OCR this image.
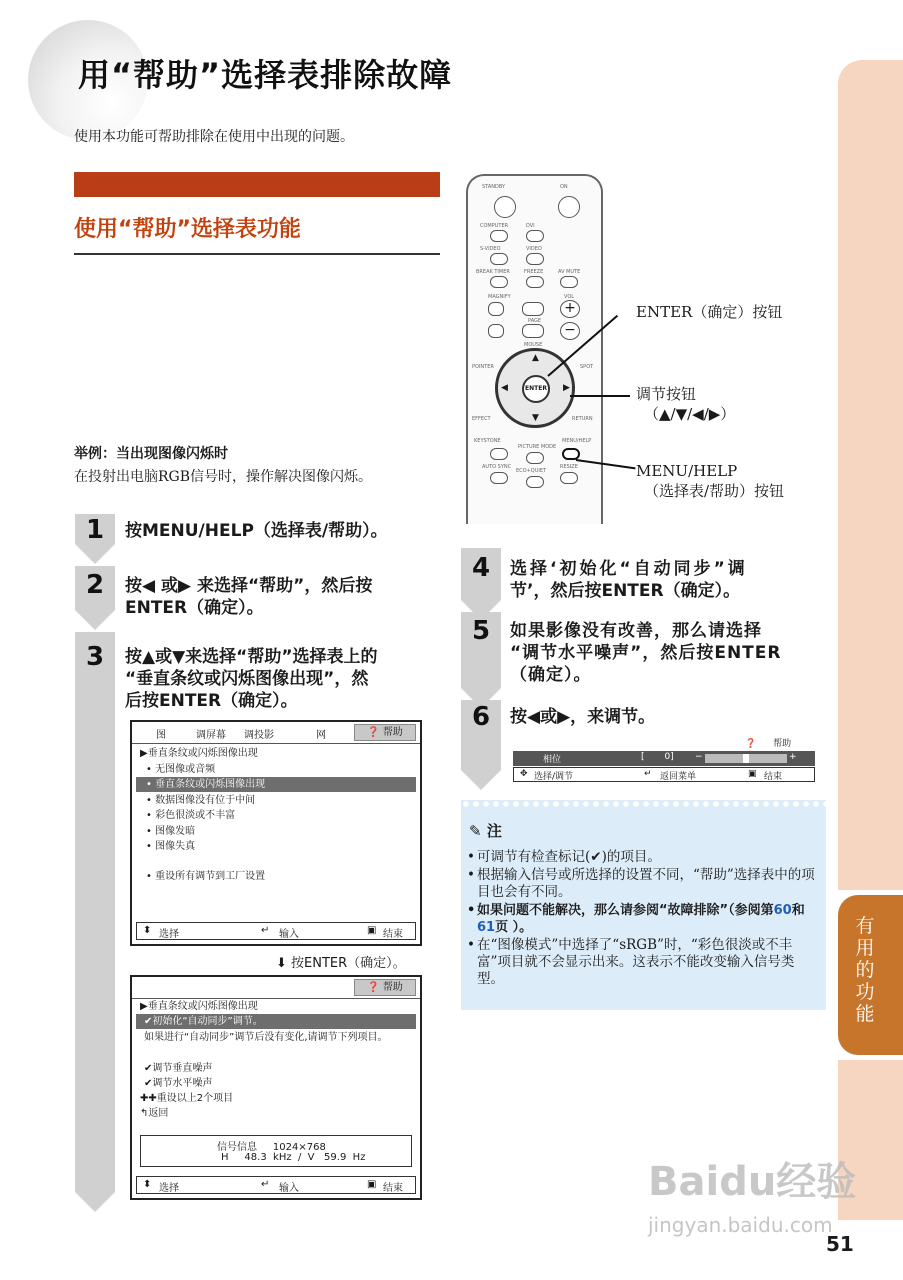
有用的功能
用“帮助”选择表排除故障

使用本功能可帮助排除在使用中出现的问题。

使用“帮助”选择表功能
举例：当出现图像闪烁时
在投射出电脑RGB信号时，操作解决图像闪烁。
STANDBY	ON
COMPUTER	DVI
S-VIDEO	VIDEO
BREAK TIMER	FREEZE	AV MUTE
MAGNIFY
PAGE
VOL
+
−
MOUSE
POINTER	SPOT
▲
▼
◀	▶
ENTER
EFFECT	RETURN
KEYSTONE
PICTURE MODE
MENU/HELP
AUTO SYNC
ECO+QUIET
RESIZE
ENTER（确定）按钮
调节按钮
（▲/▼/◀/▶）
MENU/HELP
（选择表/帮助）按钮
1 按MENU/HELP（选择表/帮助）。
2 按◀ 或▶ 来选择“帮助”，然后按
ENTER（确定）。
3 按▲或▼来选择“帮助”选择表上的
“垂直条纹或闪烁图像出现”，然
后按ENTER（确定）。
图	调屏幕 调投影	网	❓ 帮助
▶垂直条纹或闪烁图像出现
• 无图像或音频
• 垂直条纹或闪烁图像出现
• 数据图像没有位于中间
• 彩色很淡或不丰富
• 图像发暗
• 图像失真
• 重设所有调节到工厂设置
⬍ 选择	↵ 输入	▣ 结束
⬇ 按ENTER（确定）。
❓ 帮助
▶垂直条纹或闪烁图像出现
✔初始化“自动同步”调节。
如果进行“自动同步”调节后没有变化,请调节下列项目。
✔调节垂直噪声
✔调节水平噪声
✚✚重设以上2个项目
↰返回
信号信息     1024×768
H     48.3  kHz  /  V   59.9  Hz
⬍ 选择	↵ 输入	▣ 结束
4 选择‘初始化“自动同步”调
节’，然后按ENTER（确定）。
5 如果影像没有改善，那么请选择
“调节水平噪声”，然后按ENTER
（确定）。
6 按◀或▶，来调节。
❓ 帮助
相位	[       0] −	+
✥ 选择/调节	↵ 返回菜单	▣ 结束
✎ 注
• 可调节有检查标记(✔)的项目。
• 根据输入信号或所选择的设置不同，“帮助”选择表中的项目也会有不同。
• 如果问题不能解决，那么请参阅“故障排除”（参阅第60和61页 ）。
• 在“图像模式”中选择了“sRGB”时，“彩色很淡或不丰富”项目就不会显示出来。这表示不能改变输入信号类型。
Baidu经验
jingyan.baidu.com
51
